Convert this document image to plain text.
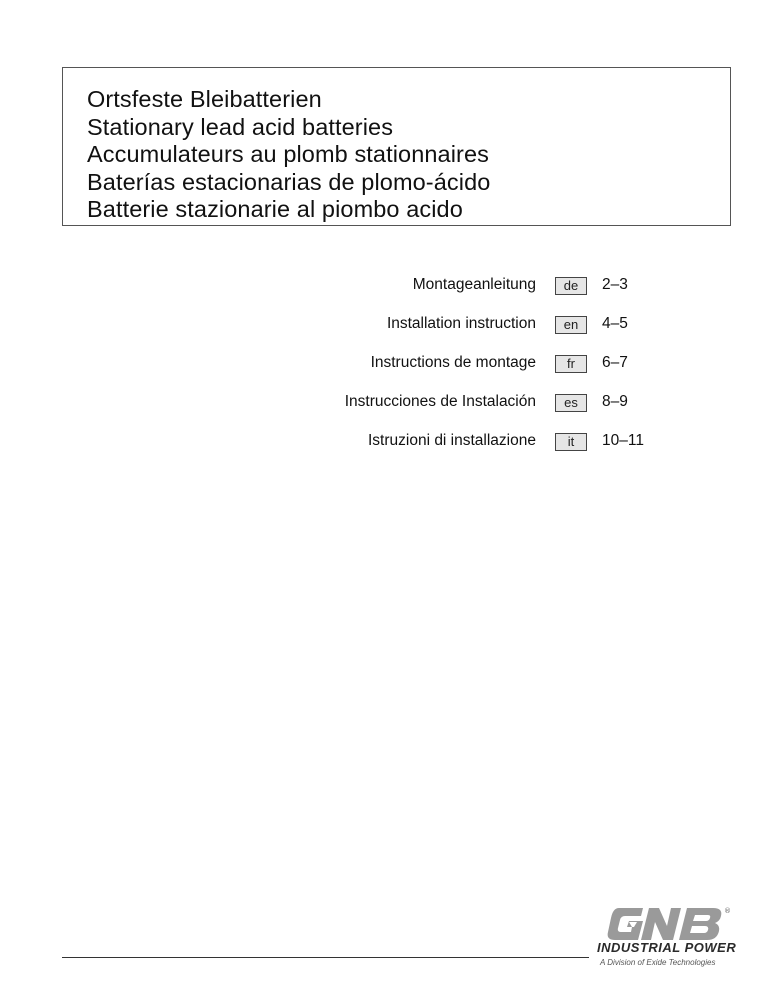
Ortsfeste Bleibatterien
Stationary lead acid batteries
Accumulateurs au plomb stationnaires
Baterías estacionarias de plomo-ácido
Batterie stazionarie al piombo acido
Montageanleitung	de	2–3
Installation instruction	en	4–5
Instructions de montage	fr	6–7
Instrucciones de Instalación	es	8–9
Istruzioni di installazione	it	10–11
®
INDUSTRIAL POWER
A Division of Exide Technologies
